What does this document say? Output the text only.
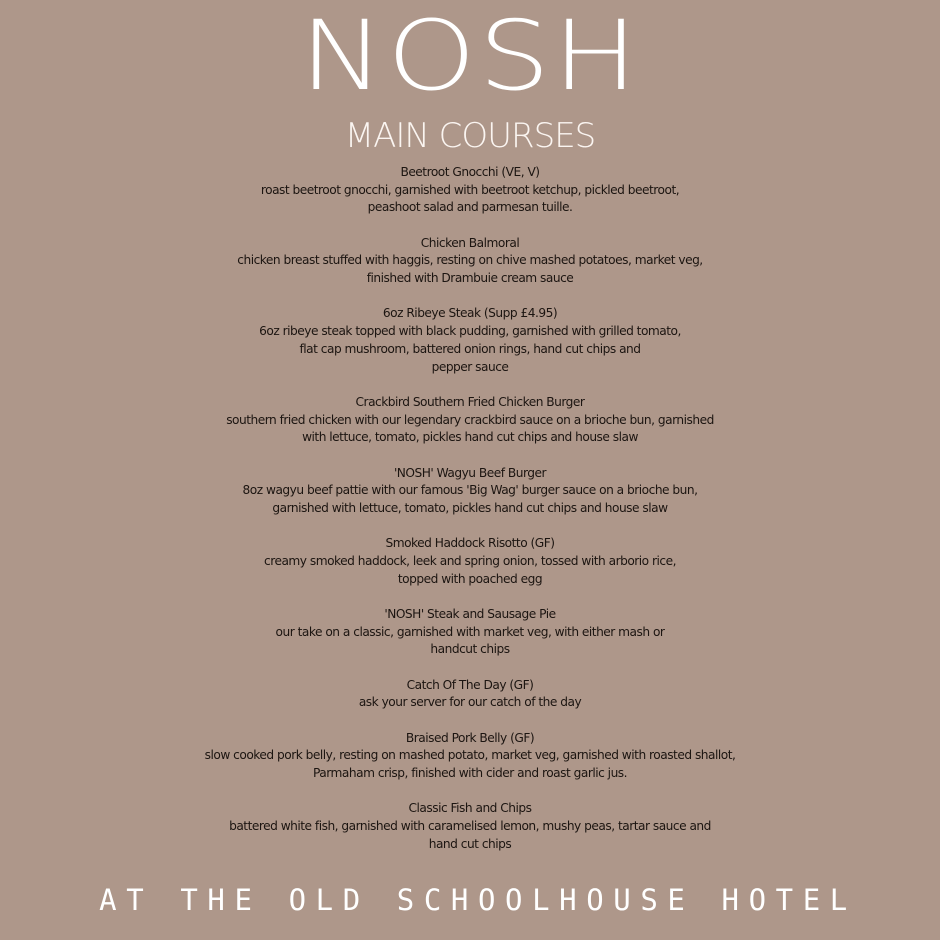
NOSH
MAIN COURSES
Beetroot Gnocchi (VE, V)
roast beetroot gnocchi, garnished with beetroot ketchup, pickled beetroot,
peashoot salad and parmesan tuille.
Chicken Balmoral
chicken breast stuffed with haggis, resting on chive mashed potatoes, market veg,
finished with Drambuie cream sauce
6oz Ribeye Steak (Supp £4.95)
6oz ribeye steak topped with black pudding, garnished with grilled tomato,
flat cap mushroom, battered onion rings, hand cut chips and
pepper sauce
Crackbird Southern Fried Chicken Burger
southern fried chicken with our legendary crackbird sauce on a brioche bun, garnished
with lettuce, tomato, pickles hand cut chips and house slaw
'NOSH' Wagyu Beef Burger
8oz wagyu beef pattie with our famous 'Big Wag' burger sauce on a brioche bun,
garnished with lettuce, tomato, pickles hand cut chips and house slaw
Smoked Haddock Risotto (GF)
creamy smoked haddock, leek and spring onion, tossed with arborio rice,
topped with poached egg
'NOSH' Steak and Sausage Pie
our take on a classic, garnished with market veg, with either mash or
handcut chips
Catch Of The Day (GF)
ask your server for our catch of the day
Braised Pork Belly (GF)
slow cooked pork belly, resting on mashed potato, market veg, garnished with roasted shallot,
Parmaham crisp, finished with cider and roast garlic jus.
Classic Fish and Chips
battered white fish, garnished with caramelised lemon, mushy peas, tartar sauce and
hand cut chips
AT THE OLD SCHOOLHOUSE HOTEL
